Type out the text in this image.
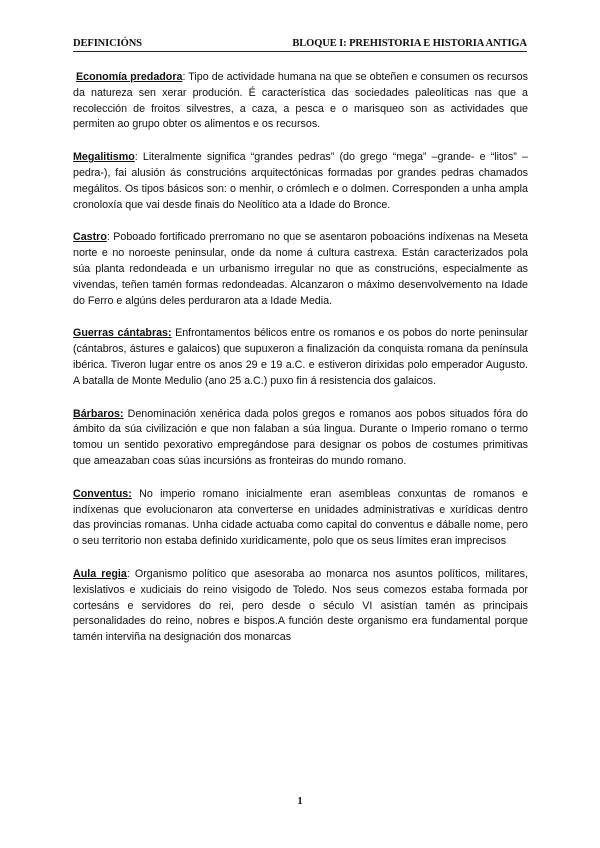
DEFINICIÓNS	BLOQUE I: PREHISTORIA E HISTORIA ANTIGA

Economía predadora: Tipo de actividade humana na que se obteñen e consumen os recursos da natureza sen xerar produción. É característica das sociedades paleolíticas nas que a recolección de froitos silvestres, a caza, a pesca e o marisqueo son as actividades que permiten ao grupo obter os alimentos e os recursos.

Megalitismo: Literalmente significa “grandes pedras” (do grego “mega” –grande- e “litos” –pedra-), fai alusión ás construcións arquitectónicas formadas por grandes pedras chamados megálitos. Os tipos básicos son: o menhir, o crómlech e o dolmen. Corresponden a unha ampla cronoloxía que vai desde finais do Neolítico ata a Idade do Bronce.

Castro: Poboado fortificado prerromano no que se asentaron poboacións indíxenas na Meseta norte e no noroeste peninsular, onde da nome á cultura castrexa. Están caracterizados pola súa planta redondeada e un urbanismo irregular no que as construcións, especialmente as vivendas, teñen tamén formas redondeadas. Alcanzaron o máximo desenvolvemento na Idade do Ferro e algúns deles perduraron ata a Idade Media.

Guerras cántabras: Enfrontamentos bélicos entre os romanos e os pobos do norte peninsular (cántabros, ástures e galaicos) que supuxeron a finalización da conquista romana da península ibérica. Tiveron lugar entre os anos 29 e 19 a.C. e estiveron dirixidas polo emperador Augusto. A batalla de Monte Medulio (ano 25 a.C.) puxo fin á resistencia dos galaicos.

Bárbaros: Denominación xenérica dada polos gregos e romanos aos pobos situados fóra do ámbito da súa civilización e que non falaban a súa lingua. Durante o Imperio romano o termo tomou un sentido pexorativo empregándose para designar os pobos de costumes primitivas que ameazaban coas súas incursións as fronteiras do mundo romano.

Conventus: No imperio romano inicialmente eran asembleas conxuntas de romanos e indíxenas que evolucionaron ata converterse en unidades administrativas e xurídicas dentro das provincias romanas. Unha cidade actuaba como capital do conventus e dáballe nome, pero o seu territorio non estaba definido xuridicamente, polo que os seus límites eran imprecisos

Aula regia: Organismo político que asesoraba ao monarca nos asuntos políticos, militares, lexislativos e xudiciais do reino visigodo de Toledo. Nos seus comezos estaba formada por cortesáns e servidores do rei, pero desde o século VI asistían tamén as principais personalidades do reino, nobres e bispos.A función deste organismo era fundamental porque tamén interviña na designación dos monarcas

1
